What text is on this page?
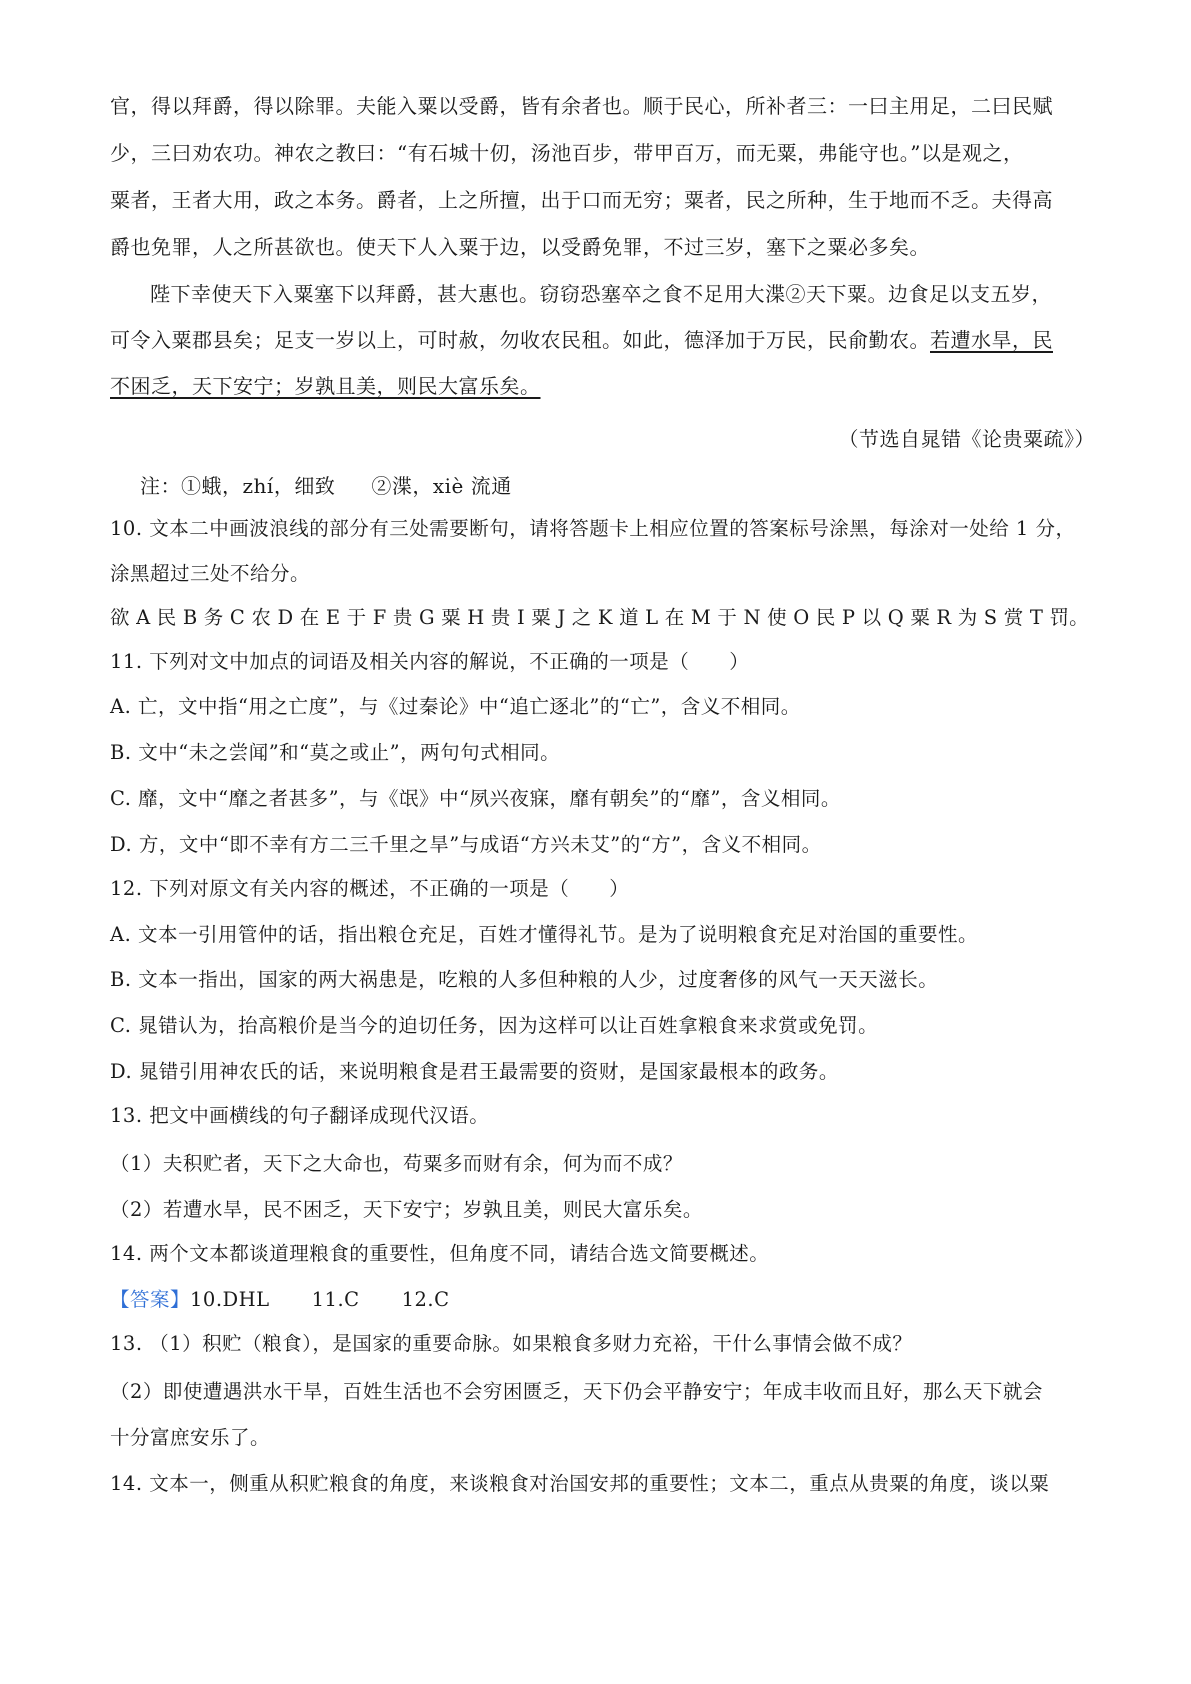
官，得以拜爵，得以除罪。夫能入粟以受爵，皆有余者也。顺于民心，所补者三：一曰主用足，二曰民赋
少，三曰劝农功。神农之教曰：“有石城十仞，汤池百步，带甲百万，而无粟，弗能守也。”以是观之，
粟者，王者大用，政之本务。爵者，上之所擅，出于口而无穷；粟者，民之所种，生于地而不乏。夫得高
爵也免罪，人之所甚欲也。使天下人入粟于边，以受爵免罪，不过三岁，塞下之粟必多矣。
陛下幸使天下入粟塞下以拜爵，甚大惠也。窃窃恐塞卒之食不足用大渫②天下粟。边食足以支五岁，
可令入粟郡县矣；足支一岁以上，可时赦，勿收农民租。如此，德泽加于万民，民俞勤农。若遭水旱，民
不困乏，天下安宁；岁孰且美，则民大富乐矣。
（节选自晁错《论贵粟疏》）
注：①蛾，zhí，细致 ②渫，xiè 流通
10. 文本二中画波浪线的部分有三处需要断句，请将答题卡上相应位置的答案标号涂黑，每涂对一处给 1 分，
涂黑超过三处不给分。
欲 A 民 B 务 C 农 D 在 E 于 F 贵 G 粟 H 贵 I 粟 J 之 K 道 L 在 M 于 N 使 O 民 P 以 Q 粟 R 为 S 赏 T 罚。
11. 下列对文中加点的词语及相关内容的解说，不正确的一项是（　　）
A. 亡，文中指“用之亡度”，与《过秦论》中“追亡逐北”的“亡”，含义不相同。
B. 文中“未之尝闻”和“莫之或止”，两句句式相同。
C. 靡，文中“靡之者甚多”，与《氓》中“夙兴夜寐，靡有朝矣”的“靡”，含义相同。
D. 方，文中“即不幸有方二三千里之旱”与成语“方兴未艾”的“方”，含义不相同。
12. 下列对原文有关内容的概述，不正确的一项是（　　）
A. 文本一引用管仲的话，指出粮仓充足，百姓才懂得礼节。是为了说明粮食充足对治国的重要性。
B. 文本一指出，国家的两大祸患是，吃粮的人多但种粮的人少，过度奢侈的风气一天天滋长。
C. 晁错认为，抬高粮价是当今的迫切任务，因为这样可以让百姓拿粮食来求赏或免罚。
D. 晁错引用神农氏的话，来说明粮食是君王最需要的资财，是国家最根本的政务。
13. 把文中画横线的句子翻译成现代汉语。
（1）夫积贮者，天下之大命也，苟粟多而财有余，何为而不成？
（2）若遭水旱，民不困乏，天下安宁；岁孰且美，则民大富乐矣。
14. 两个文本都谈道理粮食的重要性，但角度不同，请结合选文简要概述。
【答案】10.DHL 11.C 12.C
13. （1）积贮（粮食），是国家的重要命脉。如果粮食多财力充裕，干什么事情会做不成？
（2）即使遭遇洪水干旱，百姓生活也不会穷困匮乏，天下仍会平静安宁；年成丰收而且好，那么天下就会
十分富庶安乐了。
14. 文本一，侧重从积贮粮食的角度，来谈粮食对治国安邦的重要性；文本二，重点从贵粟的角度，谈以粟
